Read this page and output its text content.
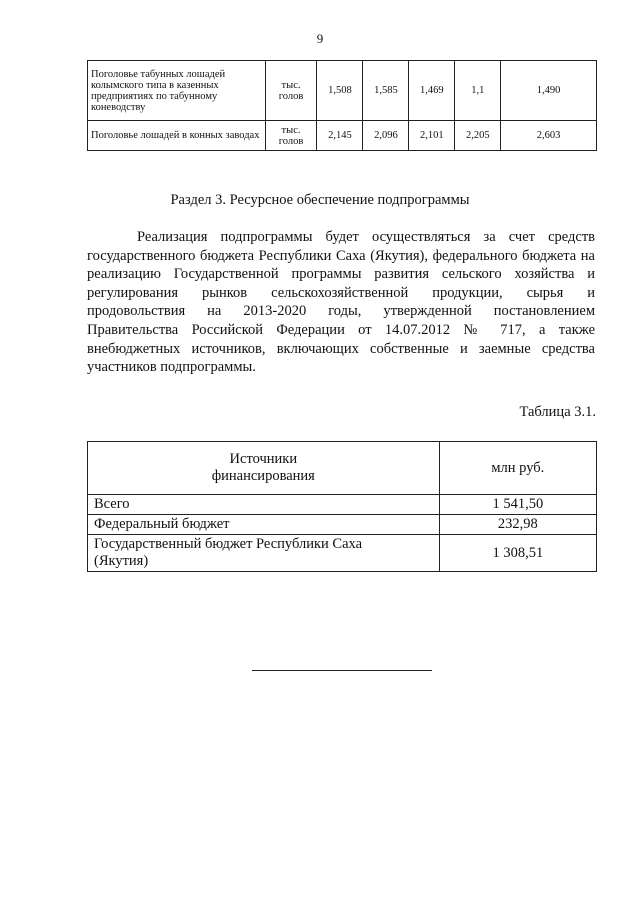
9
Поголовье табунных лошадей колымского типа в казенных предприятиях по табунному коневодству	тыс. голов	1,508	1,585	1,469	1,1	1,490
Поголовье лошадей в конных заводах	тыс. голов	2,145	2,096	2,101	2,205	2,603
Раздел 3. Ресурсное обеспечение подпрограммы

Реализация подпрограммы будет осуществляться за счет средств государственного бюджета Республики Саха (Якутия), федерального бюджета на реализацию Государственной программы развития сельского хозяйства и регулирования рынков сельскохозяйственной продукции, сырья и продовольствия на 2013-2020 годы, утвержденной постановлением Правительства Российской Федерации от 14.07.2012 № 717, а также внебюджетных источников, включающих собственные и заемные средства участников подпрограммы.

Таблица 3.1.
Источники финансирования	млн руб.
Всего	1 541,50
Федеральный бюджет	232,98
Государственный бюджет Республики Саха (Якутия)	1 308,51
